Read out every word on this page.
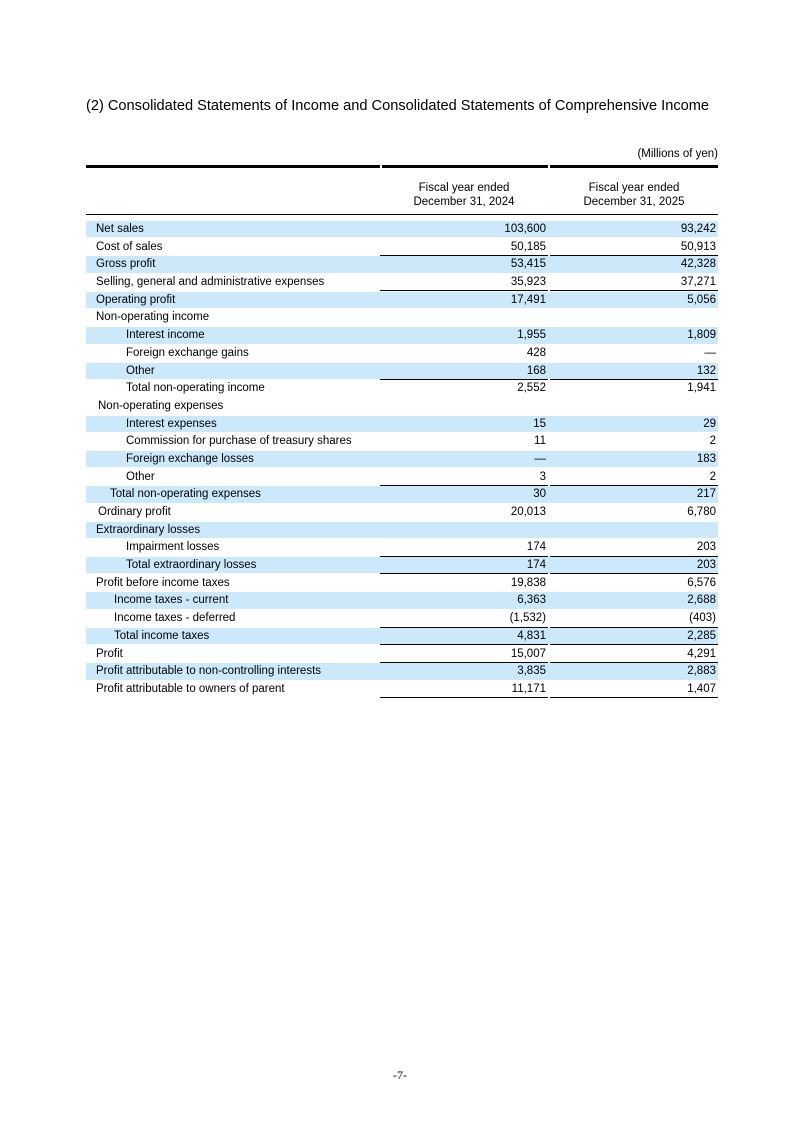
(2) Consolidated Statements of Income and Consolidated Statements of Comprehensive Income
(Millions of yen)
Fiscal year ended
December 31, 2024
Fiscal year ended
December 31, 2025
Net sales	103,600	93,242
Cost of sales	50,185	50,913
Gross profit	53,415	42,328
Selling, general and administrative expenses	35,923	37,271
Operating profit	17,491	5,056
Non-operating income
Interest income	1,955	1,809
Foreign exchange gains	428	—
Other	168	132
Total non-operating income	2,552	1,941
Non-operating expenses
Interest expenses	15	29
Commission for purchase of treasury shares	11	2
Foreign exchange losses	—	183
Other	3	2
Total non-operating expenses	30	217
Ordinary profit	20,013	6,780
Extraordinary losses
Impairment losses	174	203
Total extraordinary losses	174	203
Profit before income taxes	19,838	6,576
Income taxes - current	6,363	2,688
Income taxes - deferred	(1,532)	(403)
Total income taxes	4,831	2,285
Profit	15,007	4,291
Profit attributable to non-controlling interests	3,835	2,883
Profit attributable to owners of parent	11,171	1,407
-7-
